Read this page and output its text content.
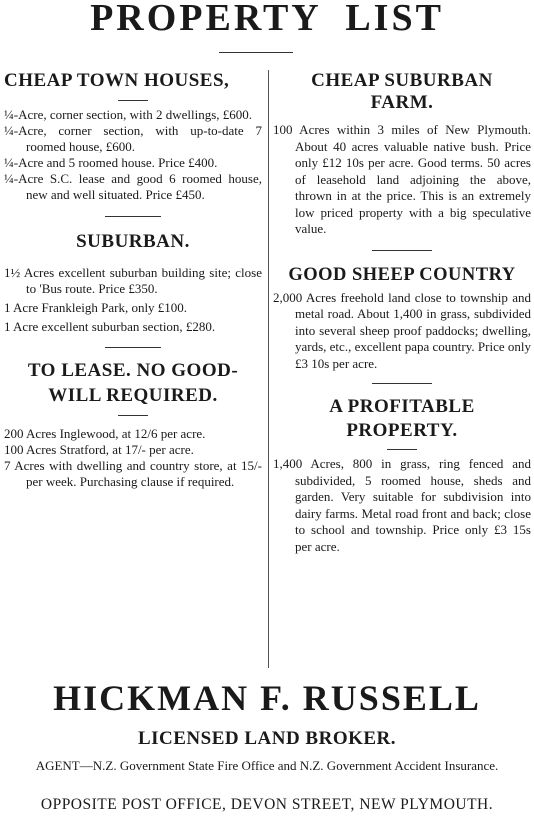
PROPERTY  LIST
CHEAP TOWN HOUSES,

¼-Acre, corner section, with 2 dwellings, £600.

¼-Acre, corner section, with up-to-date 7 roomed house, £600.

¼-Acre and 5 roomed house. Price £400.

¼-Acre S.C. lease and good 6 roomed house, new and well situated. Price £450.

SUBURBAN.

1½ Acres excellent suburban building site; close to 'Bus route. Price £350.

1 Acre Frankleigh Park, only £100.

1 Acre excellent suburban section, £280.

TO LEASE. NO GOOD-WILL REQUIRED.

200 Acres Inglewood, at 12/6 per acre.

100 Acres Stratford, at 17/- per acre.

7 Acres with dwelling and country store, at 15/- per week. Purchasing clause if required.

CHEAP SUBURBAN FARM.

100 Acres within 3 miles of New Plymouth. About 40 acres valuable native bush. Price only £12 10s per acre. Good terms. 50 acres of leasehold land adjoining the above, thrown in at the price. This is an extremely low priced property with a big speculative value.

GOOD SHEEP COUNTRY

2,000 Acres freehold land close to township and metal road. About 1,400 in grass, subdivided into several sheep proof paddocks; dwelling, yards, etc., excellent papa country. Price only £3 10s per acre.

A PROFITABLE PROPERTY.

1,400 Acres, 800 in grass, ring fenced and subdivided, 5 roomed house, sheds and garden. Very suitable for subdivision into dairy farms. Metal road front and back; close to school and township. Price only £3 15s per acre.

HICKMAN F. RUSSELL
LICENSED LAND BROKER.
AGENT—N.Z. Government State Fire Office and N.Z. Government Accident Insurance.
OPPOSITE POST OFFICE, DEVON STREET, NEW PLYMOUTH.
